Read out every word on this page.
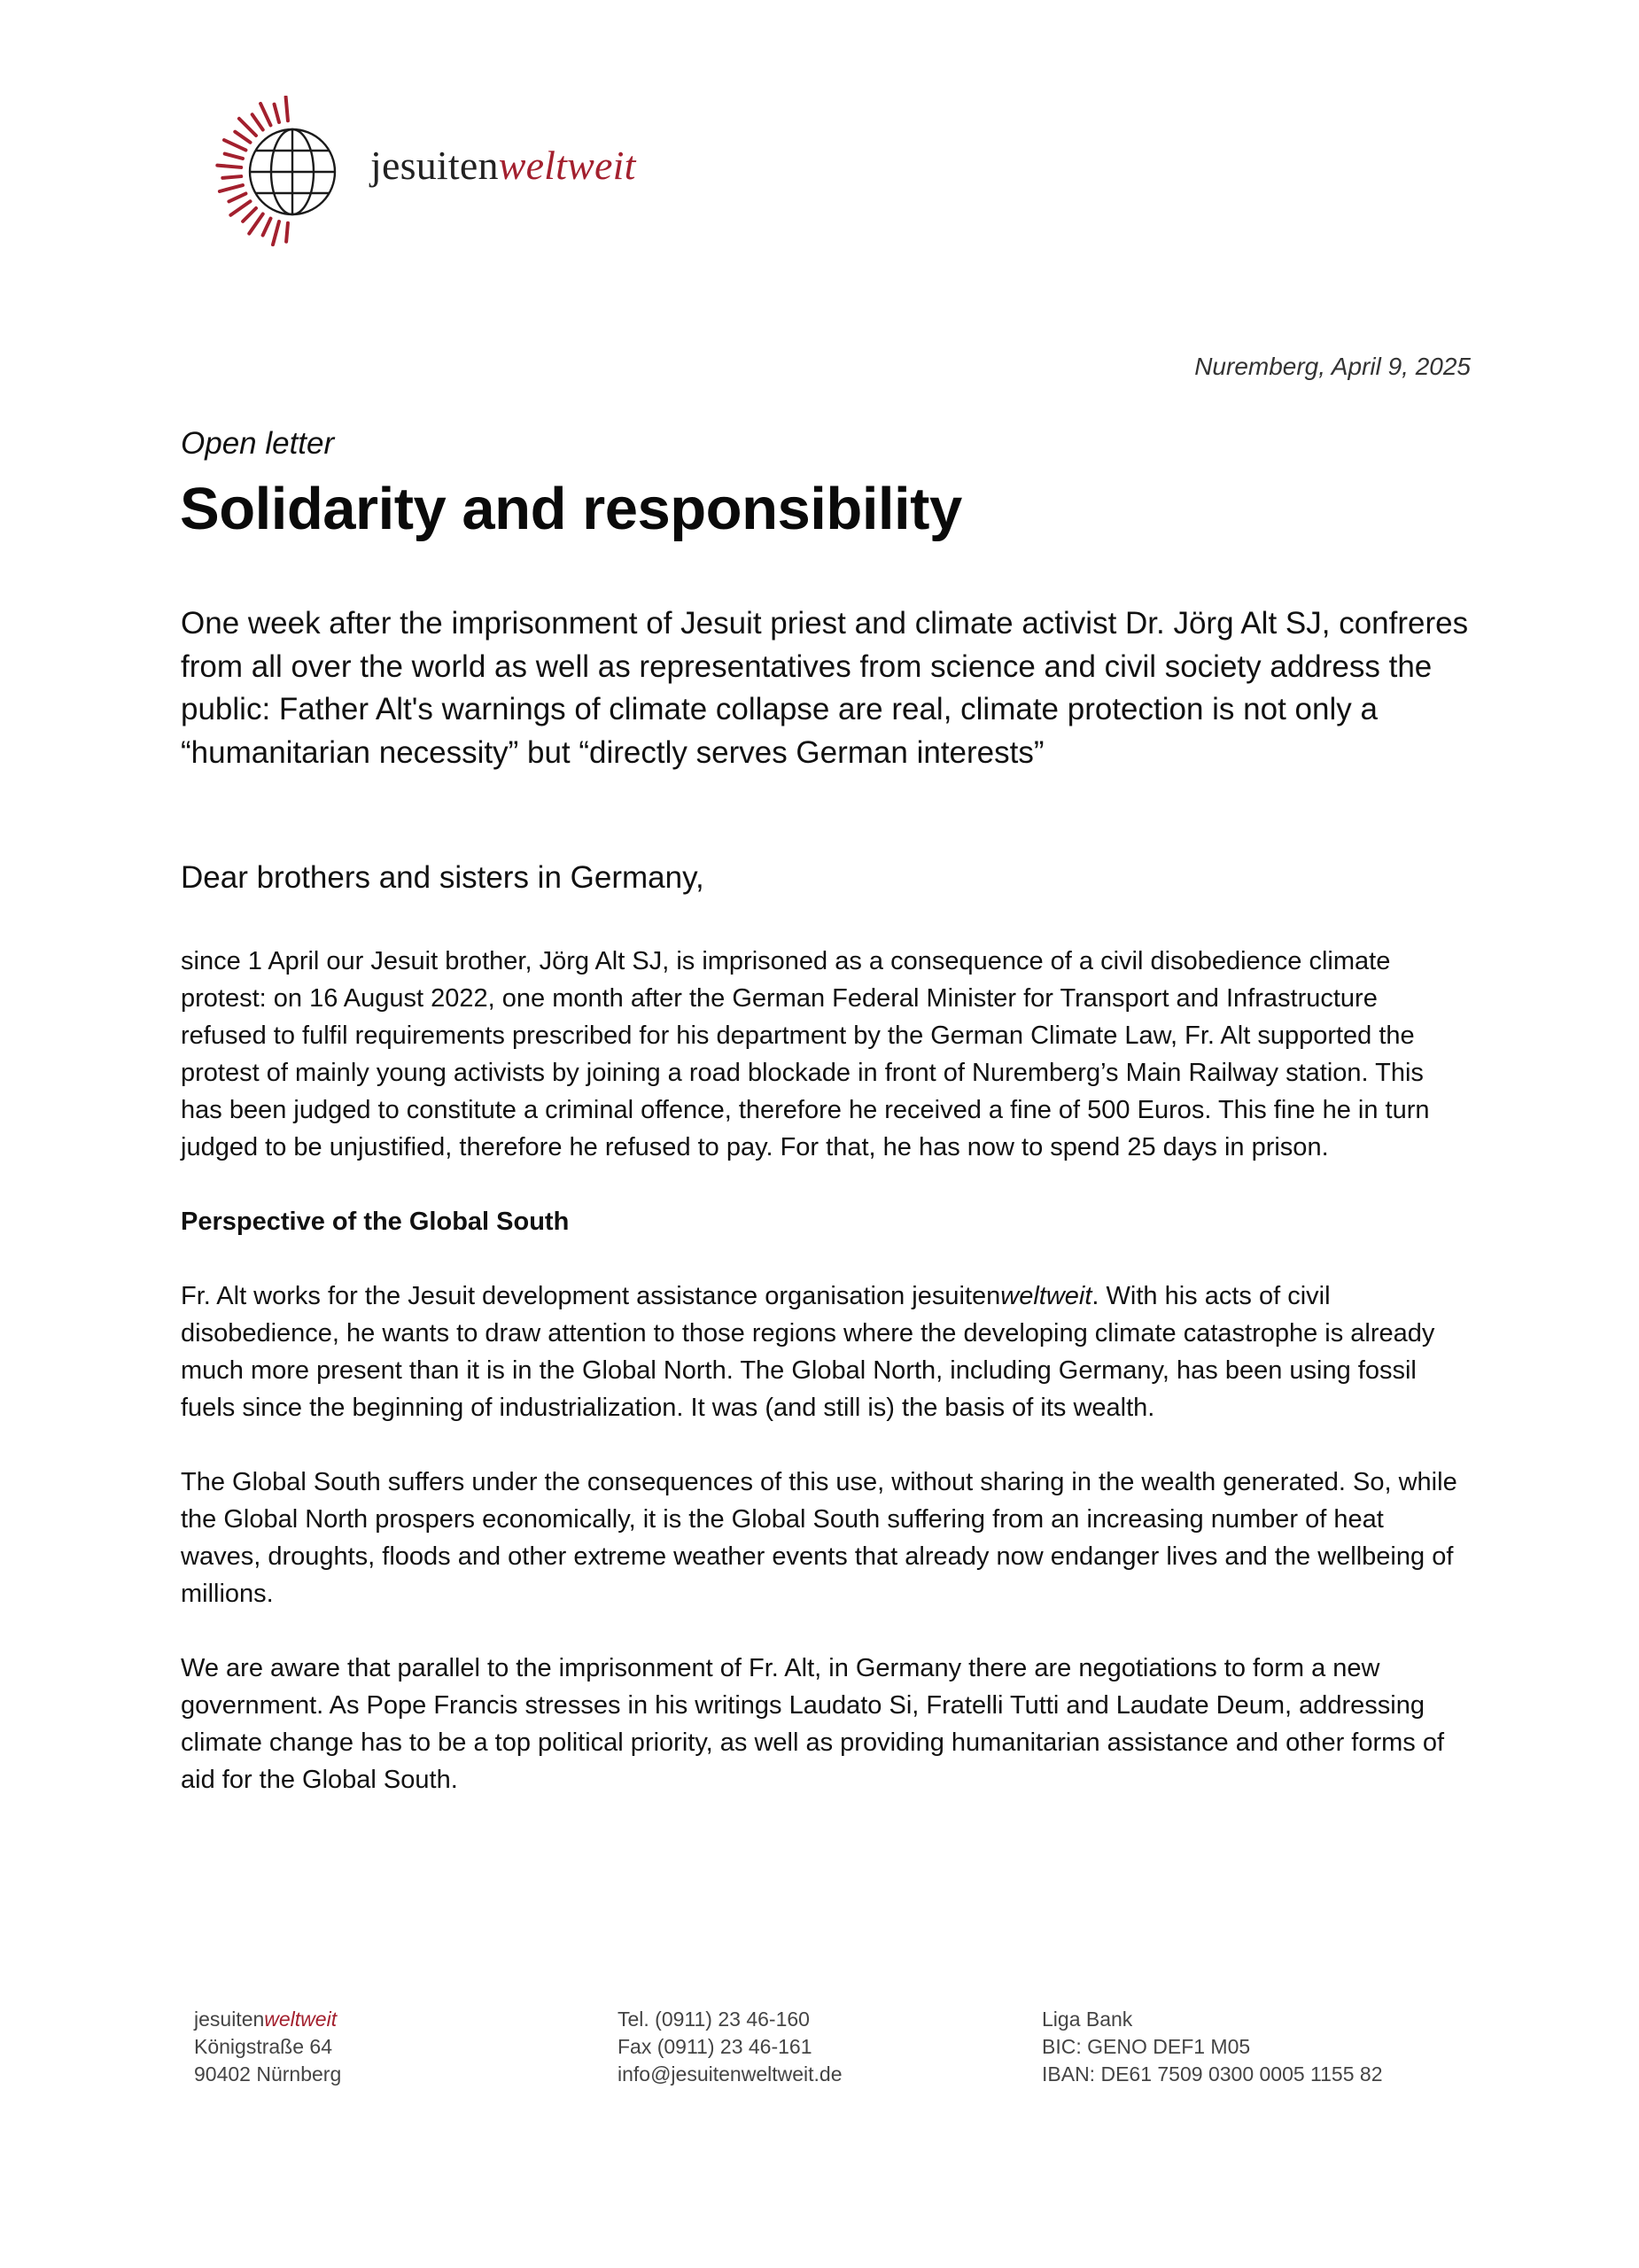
jesuitenweltweit
Nuremberg, April 9, 2025
Open letter
Solidarity and responsibility
One week after the imprisonment of Jesuit priest and climate activist Dr. Jörg Alt SJ, confreres from all over the world as well as representatives from science and civil society address the public: Father Alt's warnings of climate collapse are real, climate protection is not only a “humanitarian necessity” but “directly serves German interests”
Dear brothers and sisters in Germany,

since 1 April our Jesuit brother, Jörg Alt SJ, is imprisoned as a consequence of a civil disobedience climate protest: on 16 August 2022, one month after the German Federal Minister for Transport and Infrastructure refused to fulfil requirements prescribed for his department by the German Climate Law, Fr. Alt supported the protest of mainly young activists by joining a road blockade in front of Nuremberg’s Main Railway station. This has been judged to constitute a criminal offence, therefore he received a fine of 500 Euros. This fine he in turn judged to be unjustified, therefore he refused to pay. For that, he has now to spend 25 days in prison.

Perspective of the Global South

Fr. Alt works for the Jesuit development assistance organisation jesuitenweltweit. With his acts of civil disobedience, he wants to draw attention to those regions where the developing climate catastrophe is already much more present than it is in the Global North. The Global North, including Germany, has been using fossil fuels since the beginning of industrialization. It was (and still is) the basis of its wealth.

The Global South suffers under the consequences of this use, without sharing in the wealth generated. So, while the Global North prospers economically, it is the Global South suffering from an increasing number of heat waves, droughts, floods and other extreme weather events that already now endanger lives and the wellbeing of millions.

We are aware that parallel to the imprisonment of Fr. Alt, in Germany there are negotiations to form a new government. As Pope Francis stresses in his writings Laudato Si, Fratelli Tutti and Laudate Deum, addressing climate change has to be a top political priority, as well as providing humanitarian assistance and other forms of aid for the Global South.

jesuitenweltweit
Königstraße 64
90402 Nürnberg
Tel. (0911) 23 46-160
Fax (0911) 23 46-161
info@jesuitenweltweit.de
Liga Bank
BIC: GENO DEF1 M05
IBAN: DE61 7509 0300 0005 1155 82
